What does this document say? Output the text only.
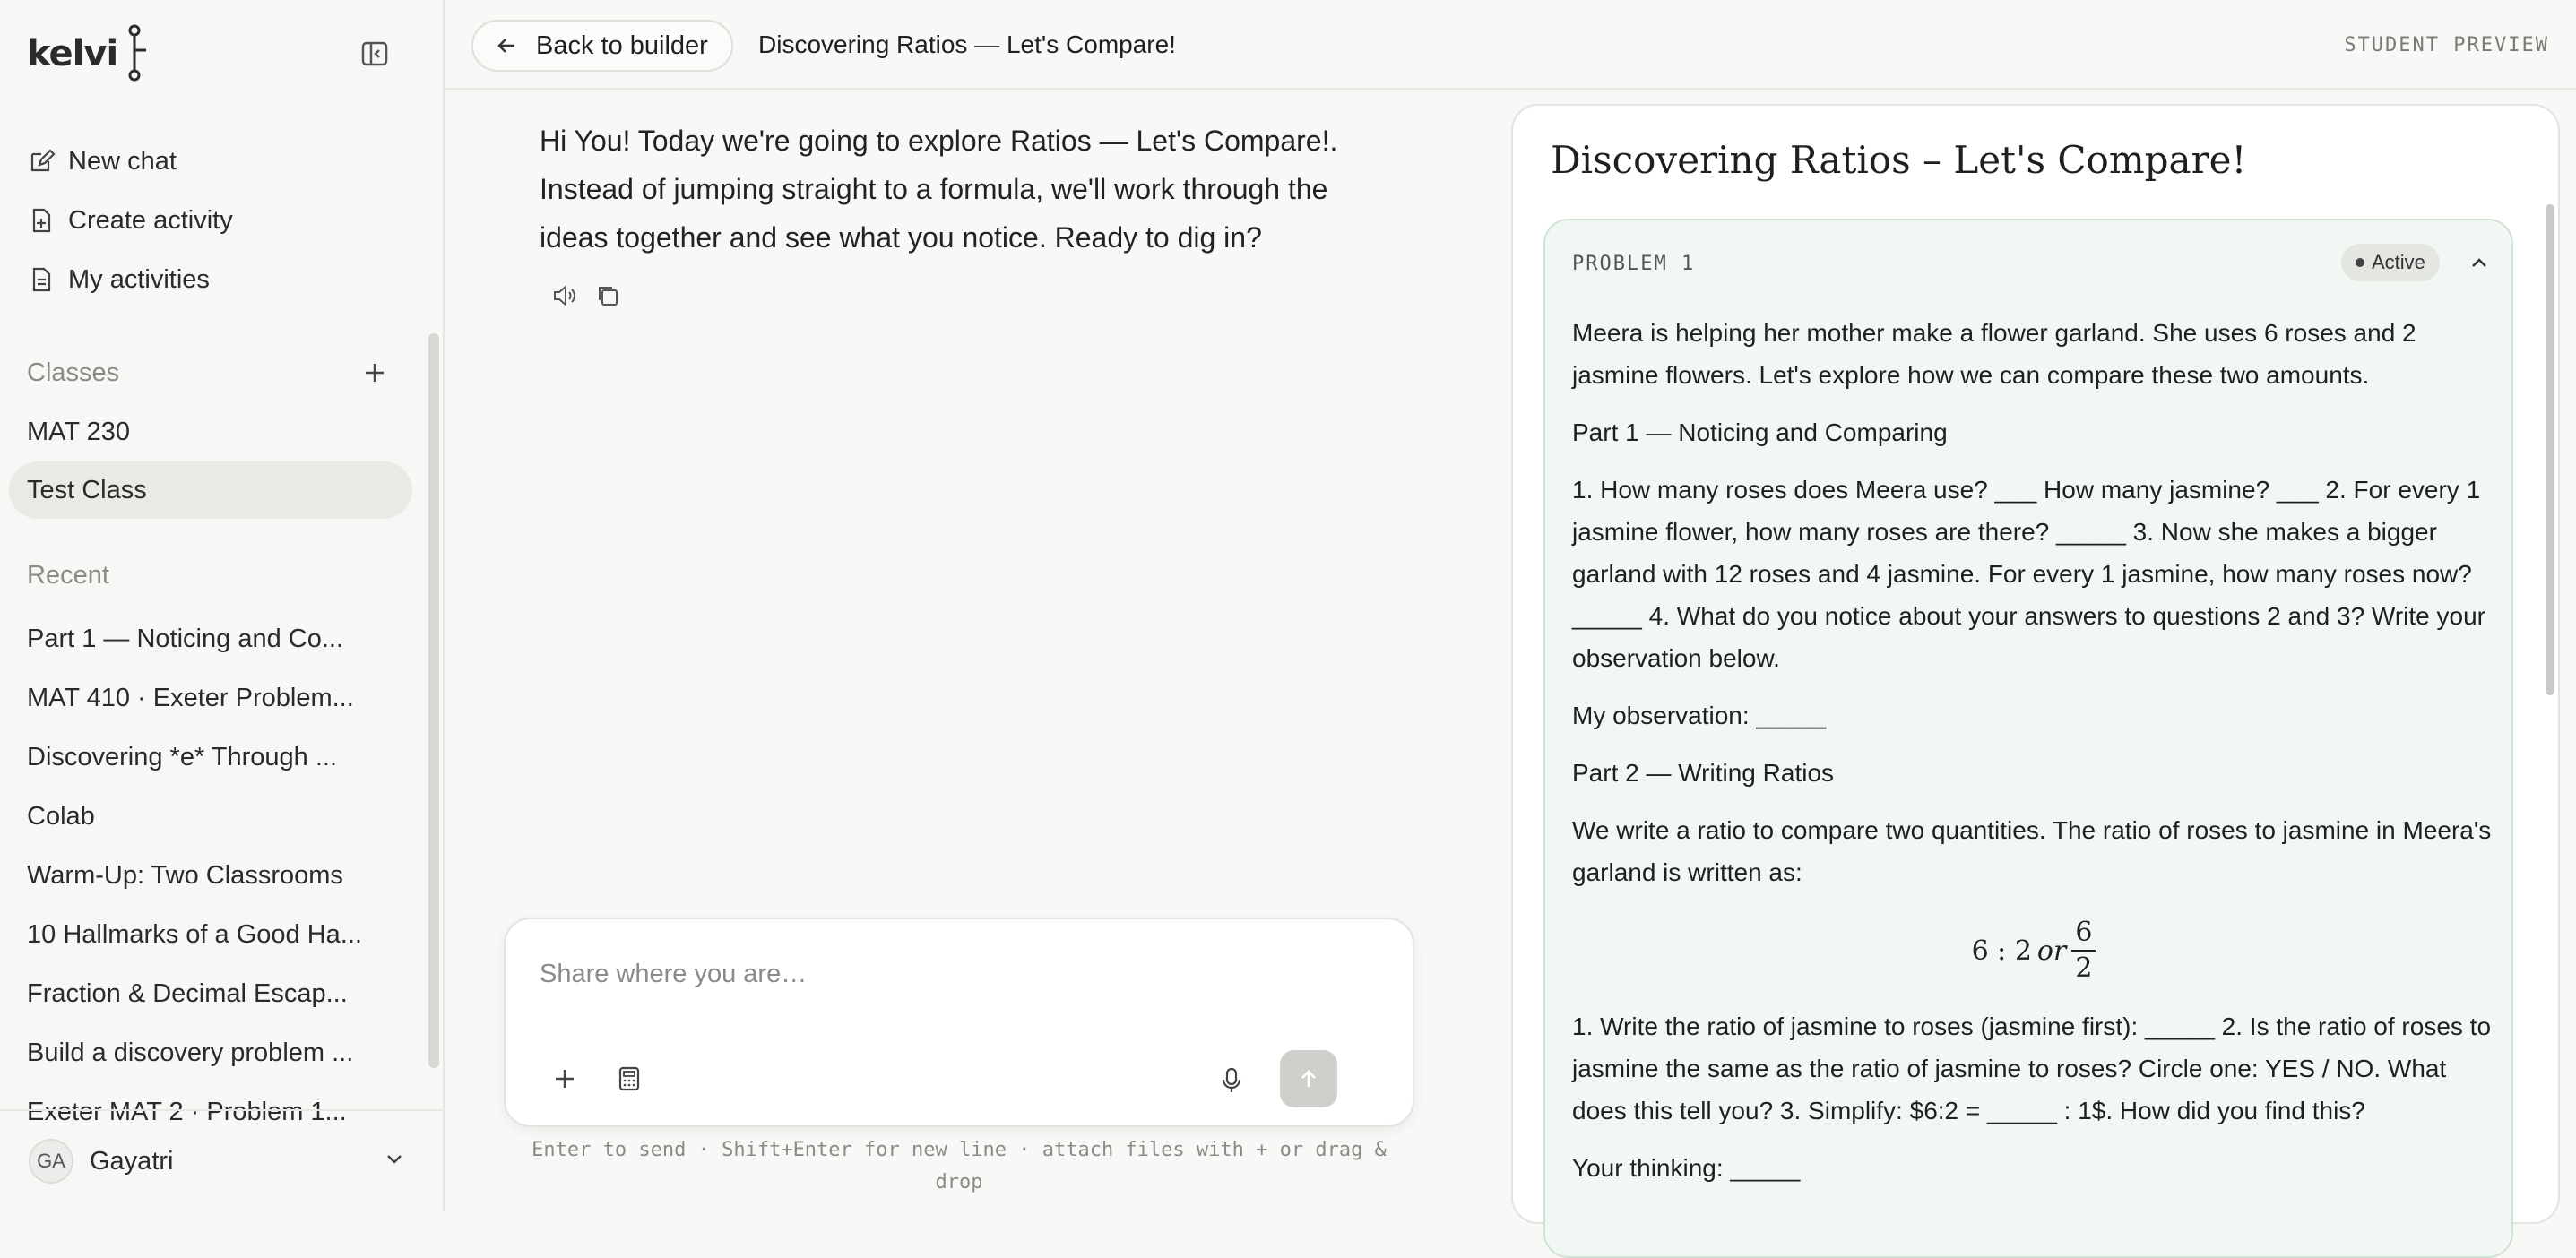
kelvi
New chat
Create activity
My activities
Classes
MAT 230
Test Class
Recent
Part 1 — Noticing and Co...
MAT 410 · Exeter Problem...
Discovering *e* Through ...
Colab
Warm-Up: Two Classrooms
10 Hallmarks of a Good Ha...
Fraction & Decimal Escap...
Build a discovery problem ...
Exeter MAT 2 · Problem 1...
GA Gayatri
Back to builder Discovering Ratios — Let's Compare!	STUDENT PREVIEW
Hi You! Today we're going to explore Ratios — Let's Compare!. Instead of jumping straight to a formula, we'll work through the ideas together and see what you notice. Ready to dig in?
Share where you are…
Enter to send · Shift+Enter for new line · attach files with + or drag & drop
Discovering Ratios – Let's Compare!
PROBLEM 1	Active

Meera is helping her mother make a flower garland. She uses 6 roses and 2 jasmine flowers. Let's explore how we can compare these two amounts.

Part 1 — Noticing and Comparing

1. How many roses does Meera use? ___ How many jasmine? ___ 2. For every 1 jasmine flower, how many roses are there? _____ 3. Now she makes a bigger garland with 12 roses and 4 jasmine. For every 1 jasmine, how many roses now? _____ 4. What do you notice about your answers to questions 2 and 3? Write your observation below.

My observation: _____

Part 2 — Writing Ratios

We write a ratio to compare two quantities. The ratio of roses to jasmine in Meera's garland is written as:

6 : 2 or $\frac{6}{2}$

1. Write the ratio of jasmine to roses (jasmine first): _____ 2. Is the ratio of roses to jasmine the same as the ratio of jasmine to roses? Circle one: YES / NO. What does this tell you? 3. Simplify: $6:2 = _____ : 1$. How did you find this?

Your thinking: _____
